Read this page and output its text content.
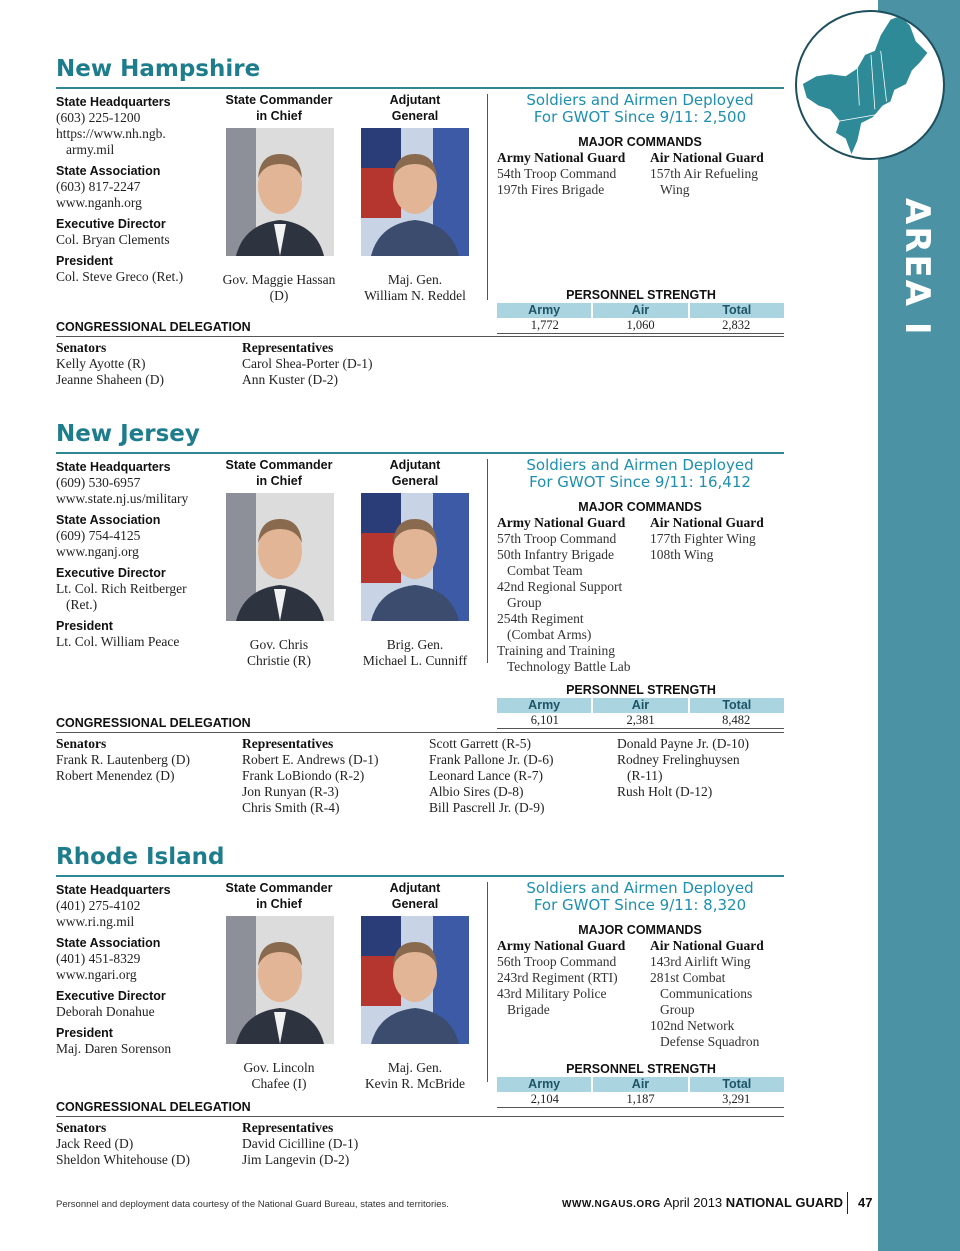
AREA I
New Hampshire
State Headquarters
(603) 225-1200
https://www.nh.ngb.
army.mil
State Association
(603) 817-2247
www.nganh.org
Executive Director
Col. Bryan Clements
President
Col. Steve Greco (Ret.)
State Commander
in Chief
Adjutant
General
Gov. Maggie Hassan
(D)
Maj. Gen.
William N. Reddel
Soldiers and Airmen Deployed
For GWOT Since 9/11: 2,500
MAJOR COMMANDS
Army National Guard
54th Troop Command
197th Fires Brigade
Air National Guard
157th Air Refueling
Wing
PERSONNEL STRENGTH
Army	Air	Total
1,772	1,060	2,832
CONGRESSIONAL DELEGATION
Senators
Kelly Ayotte (R)
Jeanne Shaheen (D)
Representatives
Carol Shea-Porter (D-1)
Ann Kuster (D-2)
New Jersey
State Headquarters
(609) 530-6957
www.state.nj.us/military
State Association
(609) 754-4125
www.nganj.org
Executive Director
Lt. Col. Rich Reitberger
(Ret.)
President
Lt. Col. William Peace
State Commander
in Chief
Adjutant
General
Gov. Chris
Christie (R)
Brig. Gen.
Michael L. Cunniff
Soldiers and Airmen Deployed
For GWOT Since 9/11: 16,412
MAJOR COMMANDS
Army National Guard
57th Troop Command
50th Infantry Brigade
Combat Team
42nd Regional Support
Group
254th Regiment
(Combat Arms)
Training and Training
Technology Battle Lab
Air National Guard
177th Fighter Wing
108th Wing
PERSONNEL STRENGTH
Army	Air	Total
6,101	2,381	8,482
CONGRESSIONAL DELEGATION
Senators
Frank R. Lautenberg (D)
Robert Menendez (D)
Representatives
Robert E. Andrews (D-1)
Frank LoBiondo (R-2)
Jon Runyan (R-3)
Chris Smith (R-4)
Scott Garrett (R-5)
Frank Pallone Jr. (D-6)
Leonard Lance (R-7)
Albio Sires (D-8)
Bill Pascrell Jr. (D-9)
Donald Payne Jr. (D-10)
Rodney Frelinghuysen
(R-11)
Rush Holt (D-12)
Rhode Island
State Headquarters
(401) 275-4102
www.ri.ng.mil
State Association
(401) 451-8329
www.ngari.org
Executive Director
Deborah Donahue
President
Maj. Daren Sorenson
State Commander
in Chief
Adjutant
General
Gov. Lincoln
Chafee (I)
Maj. Gen.
Kevin R. McBride
Soldiers and Airmen Deployed
For GWOT Since 9/11: 8,320
MAJOR COMMANDS
Army National Guard
56th Troop Command
243rd Regiment (RTI)
43rd Military Police
Brigade
Air National Guard
143rd Airlift Wing
281st Combat
Communications
Group
102nd Network
Defense Squadron
PERSONNEL STRENGTH
Army	Air	Total
2,104	1,187	3,291
CONGRESSIONAL DELEGATION
Senators
Jack Reed (D)
Sheldon Whitehouse (D)
Representatives
David Cicilline (D-1)
Jim Langevin (D-2)
Personnel and deployment data courtesy of the National Guard Bureau, states and territories.	WWW.NGAUS.ORG April 2013 NATIONAL GUARD 47
